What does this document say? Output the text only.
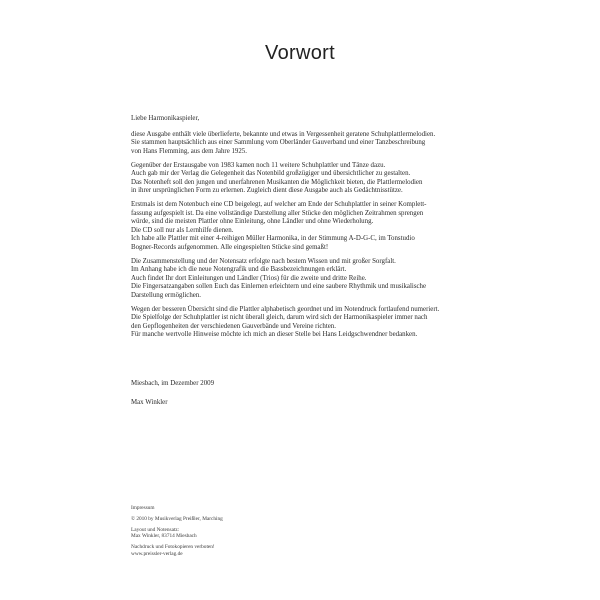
Vorwort

Liebe Harmonikaspieler,

diese Ausgabe enthält viele überlieferte, bekannte und etwas in Vergessenheit geratene Schuhplattlermelodien.
Sie stammen hauptsächlich aus einer Sammlung vom Oberländer Gauverband und einer Tanzbeschreibung
von Hans Flemming, aus dem Jahre 1925.

Gegenüber der Erstausgabe von 1983 kamen noch 11 weitere Schuhplattler und Tänze dazu.
Auch gab mir der Verlag die Gelegenheit das Notenbild großzügiger und übersichtlicher zu gestalten.
Das Notenheft soll den jungen und unerfahrenen Musikanten die Möglichkeit bieten, die Plattlermelodien
in ihrer ursprünglichen Form zu erlernen. Zugleich dient diese Ausgabe auch als Gedächtnisstütze.

Erstmals ist dem Notenbuch eine CD beigelegt, auf welcher am Ende der Schuhplattler in seiner Komplett-
fassung aufgespielt ist. Da eine vollständige Darstellung aller Stücke den möglichen Zeitrahmen sprengen
würde, sind die meisten Plattler ohne Einleitung, ohne Ländler und ohne Wiederholung.
Die CD soll nur als Lernhilfe dienen.
Ich habe alle Plattler mit einer 4-reihigen Müller Harmonika, in der Stimmung A-D-G-C, im Tonstudio
Bogner-Records aufgenommen. Alle eingespielten Stücke sind gemaßt!

Die Zusammenstellung und der Notensatz erfolgte nach bestem Wissen und mit großer Sorgfalt.
Im Anhang habe ich die neue Notengrafik und die Bassbezeichnungen erklärt.
Auch findet Ihr dort Einleitungen und Ländler (Trios) für die zweite und dritte Reihe.
Die Fingersatzangaben sollen Euch das Einlernen erleichtern und eine saubere Rhythmik und musikalische
Darstellung ermöglichen.

Wegen der besseren Übersicht sind die Plattler alphabetisch geordnet und im Notendruck fortlaufend numeriert.
Die Spielfolge der Schuhplattler ist nicht überall gleich, darum wird sich der Harmonikaspieler immer nach
den Gepflogenheiten der verschiedenen Gauverbände und Vereine richten.
Für manche wertvolle Hinweise möchte ich mich an dieser Stelle bei Hans Leidgschwendner bedanken.

Miesbach, im Dezember 2009
Max Winkler

Impressum

© 2010 by Musikverlag Preißler, Marching

Layout und Notensatz:
Max Winkler, 83714 Miesbach

Nachdruck und Fotokopieren verboten!
www.preissler-verlag.de
